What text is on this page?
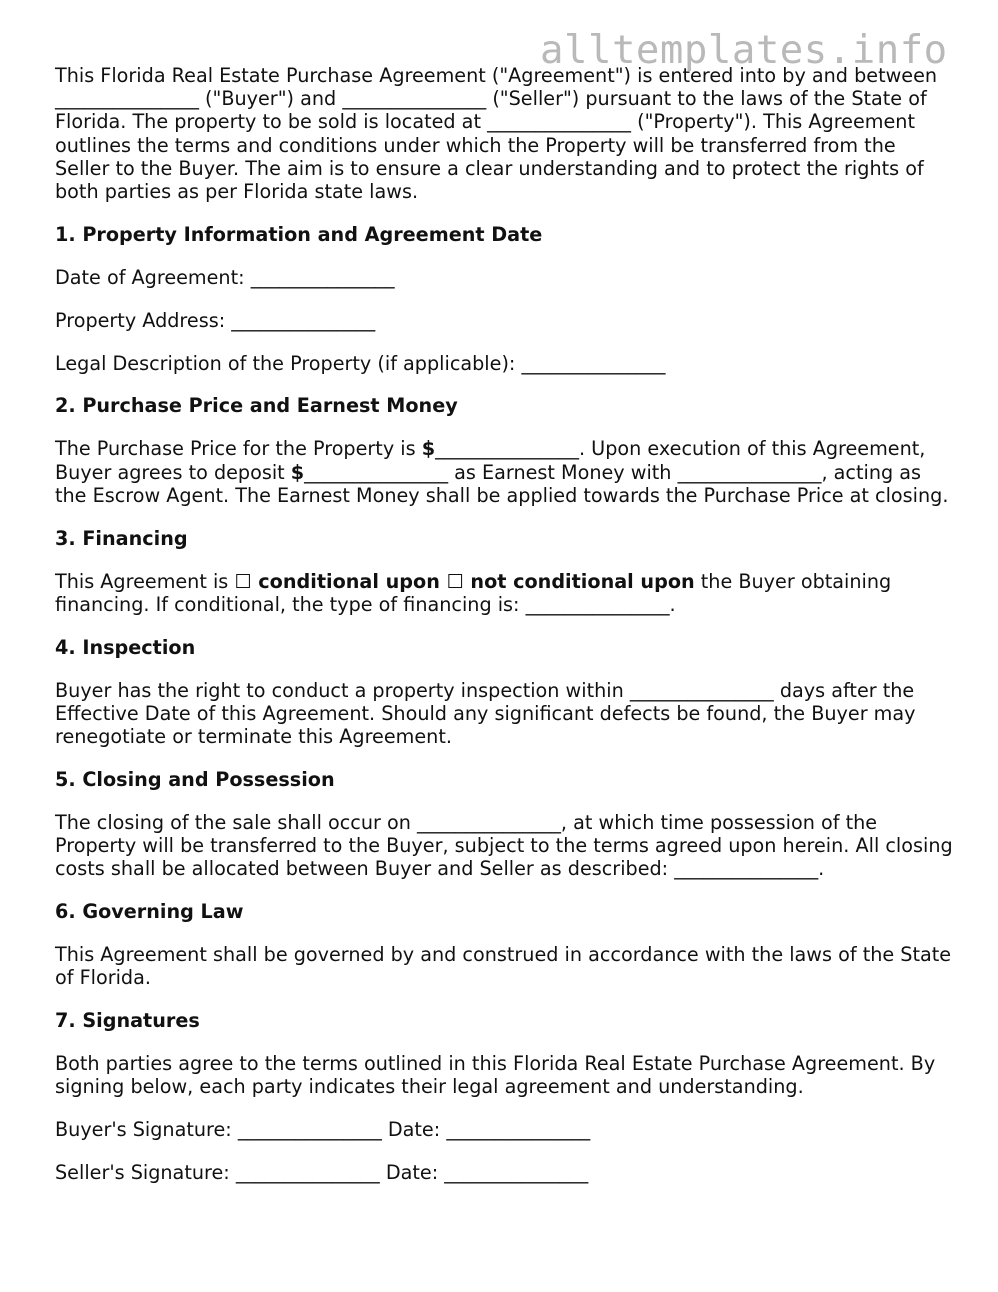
alltemplates.info

This Florida Real Estate Purchase Agreement ("Agreement") is entered into by and between _______________ ("Buyer") and _______________ ("Seller") pursuant to the laws of the State of Florida. The property to be sold is located at _______________ ("Property"). This Agreement outlines the terms and conditions under which the Property will be transferred from the Seller to the Buyer. The aim is to ensure a clear understanding and to protect the rights of both parties as per Florida state laws.

1. Property Information and Agreement Date

Date of Agreement: _______________

Property Address: _______________

Legal Description of the Property (if applicable): _______________

2. Purchase Price and Earnest Money

The Purchase Price for the Property is $_______________. Upon execution of this Agreement, Buyer agrees to deposit $_______________ as Earnest Money with _______________, acting as the Escrow Agent. The Earnest Money shall be applied towards the Purchase Price at closing.

3. Financing

This Agreement is ☐ conditional upon ☐ not conditional upon the Buyer obtaining financing. If conditional, the type of financing is: _______________.

4. Inspection

Buyer has the right to conduct a property inspection within _______________ days after the Effective Date of this Agreement. Should any significant defects be found, the Buyer may renegotiate or terminate this Agreement.

5. Closing and Possession

The closing of the sale shall occur on _______________, at which time possession of the Property will be transferred to the Buyer, subject to the terms agreed upon herein. All closing costs shall be allocated between Buyer and Seller as described: _______________.

6. Governing Law

This Agreement shall be governed by and construed in accordance with the laws of the State of Florida.

7. Signatures

Both parties agree to the terms outlined in this Florida Real Estate Purchase Agreement. By signing below, each party indicates their legal agreement and understanding.

Buyer's Signature: _______________ Date: _______________

Seller's Signature: _______________ Date: _______________
